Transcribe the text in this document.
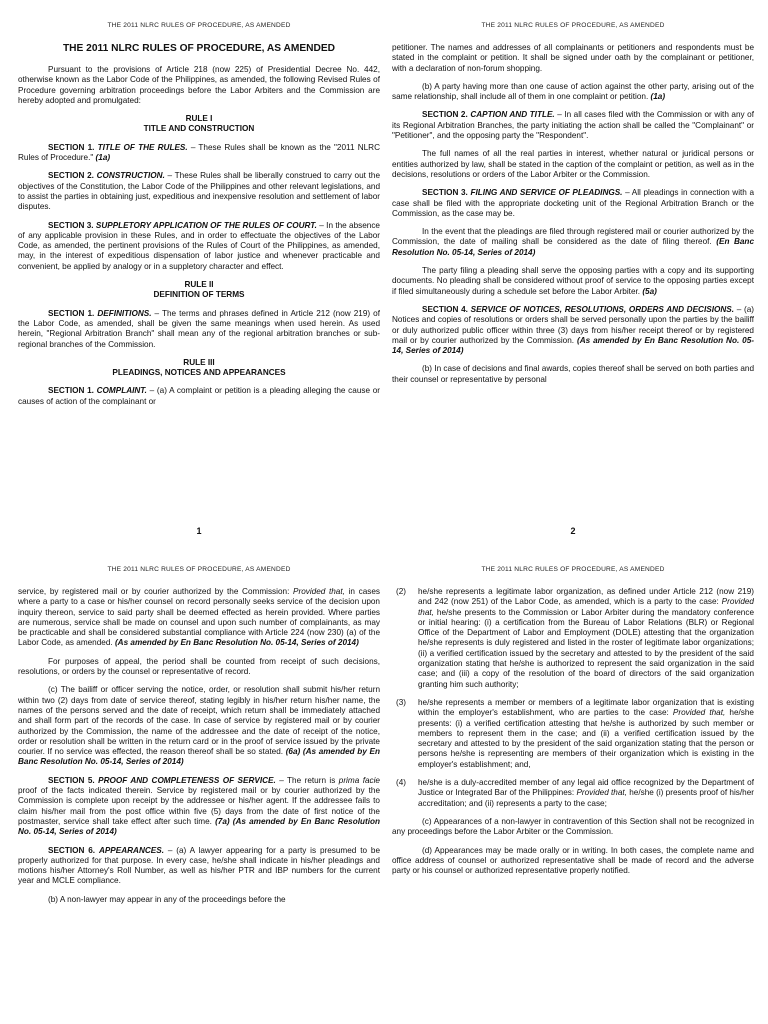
THE 2011 NLRC RULES OF PROCEDURE, AS AMENDED
THE 2011 NLRC RULES OF PROCEDURE, AS AMENDED

Pursuant to the provisions of Article 218 (now 225) of Presidential Decree No. 442, otherwise known as the Labor Code of the Philippines, as amended, the following Revised Rules of Procedure governing arbitration proceedings before the Labor Arbiters and the Commission are hereby adopted and promulgated:

RULE I
TITLE AND CONSTRUCTION

SECTION 1. TITLE OF THE RULES. – These Rules shall be known as the "2011 NLRC Rules of Procedure." (1a)

SECTION 2. CONSTRUCTION. – These Rules shall be liberally construed to carry out the objectives of the Constitution, the Labor Code of the Philippines and other relevant legislations, and to assist the parties in obtaining just, expeditious and inexpensive resolution and settlement of labor disputes.

SECTION 3. SUPPLETORY APPLICATION OF THE RULES OF COURT. – In the absence of any applicable provision in these Rules, and in order to effectuate the objectives of the Labor Code, as amended, the pertinent provisions of the Rules of Court of the Philippines, as amended, may, in the interest of expeditious dispensation of labor justice and whenever practicable and convenient, be applied by analogy or in a suppletory character and effect.

RULE II
DEFINITION OF TERMS

SECTION 1. DEFINITIONS. – The terms and phrases defined in Article 212 (now 219) of the Labor Code, as amended, shall be given the same meanings when used herein. As used herein, "Regional Arbitration Branch" shall mean any of the regional arbitration branches or sub-regional branches of the Commission.

RULE III
PLEADINGS, NOTICES AND APPEARANCES

SECTION 1. COMPLAINT. – (a) A complaint or petition is a pleading alleging the cause or causes of action of the complainant or

1
THE 2011 NLRC RULES OF PROCEDURE, AS AMENDED

petitioner. The names and addresses of all complainants or petitioners and respondents must be stated in the complaint or petition. It shall be signed under oath by the complainant or petitioner, with a declaration of non-forum shopping.

(b) A party having more than one cause of action against the other party, arising out of the same relationship, shall include all of them in one complaint or petition. (1a)

SECTION 2. CAPTION AND TITLE. – In all cases filed with the Commission or with any of its Regional Arbitration Branches, the party initiating the action shall be called the "Complainant" or "Petitioner", and the opposing party the "Respondent".

The full names of all the real parties in interest, whether natural or juridical persons or entities authorized by law, shall be stated in the caption of the complaint or petition, as well as in the decisions, resolutions or orders of the Labor Arbiter or the Commission.

SECTION 3. FILING AND SERVICE OF PLEADINGS. – All pleadings in connection with a case shall be filed with the appropriate docketing unit of the Regional Arbitration Branch or the Commission, as the case may be.

In the event that the pleadings are filed through registered mail or courier authorized by the Commission, the date of mailing shall be considered as the date of filing thereof. (En Banc Resolution No. 05-14, Series of 2014)

The party filing a pleading shall serve the opposing parties with a copy and its supporting documents. No pleading shall be considered without proof of service to the opposing parties except if filed simultaneously during a schedule set before the Labor Arbiter. (5a)

SECTION 4. SERVICE OF NOTICES, RESOLUTIONS, ORDERS AND DECISIONS. – (a) Notices and copies of resolutions or orders shall be served personally upon the parties by the bailiff or duly authorized public officer within three (3) days from his/her receipt thereof or by registered mail or by courier authorized by the Commission. (As amended by En Banc Resolution No. 05-14, Series of 2014)

(b) In case of decisions and final awards, copies thereof shall be served on both parties and their counsel or representative by personal

2
THE 2011 NLRC RULES OF PROCEDURE, AS AMENDED

service, by registered mail or by courier authorized by the Commission: Provided that, in cases where a party to a case or his/her counsel on record personally seeks service of the decision upon inquiry thereon, service to said party shall be deemed effected as herein provided. Where parties are numerous, service shall be made on counsel and upon such number of complainants, as may be practicable and shall be considered substantial compliance with Article 224 (now 230) (a) of the Labor Code, as amended. (As amended by En Banc Resolution No. 05-14, Series of 2014)

For purposes of appeal, the period shall be counted from receipt of such decisions, resolutions, or orders by the counsel or representative of record.

(c) The bailiff or officer serving the notice, order, or resolution shall submit his/her return within two (2) days from date of service thereof, stating legibly in his/her return his/her name, the names of the persons served and the date of receipt, which return shall be immediately attached and shall form part of the records of the case. In case of service by registered mail or by courier authorized by the Commission, the name of the addressee and the date of receipt of the notice, order or resolution shall be written in the return card or in the proof of service issued by the private courier. If no service was effected, the reason thereof shall be so stated. (6a) (As amended by En Banc Resolution No. 05-14, Series of 2014)

SECTION 5. PROOF AND COMPLETENESS OF SERVICE. – The return is prima facie proof of the facts indicated therein. Service by registered mail or by courier authorized by the Commission is complete upon receipt by the addressee or his/her agent. If the addressee fails to claim his/her mail from the post office within five (5) days from the date of first notice of the postmaster, service shall take effect after such time. (7a) (As amended by En Banc Resolution No. 05-14, Series of 2014)

SECTION 6. APPEARANCES. – (a) A lawyer appearing for a party is presumed to be properly authorized for that purpose. In every case, he/she shall indicate in his/her pleadings and motions his/her Attorney's Roll Number, as well as his/her PTR and IBP numbers for the current year and MCLE compliance.

(b) A non-lawyer may appear in any of the proceedings before the

THE 2011 NLRC RULES OF PROCEDURE, AS AMENDED
(2) he/she represents a legitimate labor organization, as defined under Article 212 (now 219) and 242 (now 251) of the Labor Code, as amended, which is a party to the case: Provided that, he/she presents to the Commission or Labor Arbiter during the mandatory conference or initial hearing: (i) a certification from the Bureau of Labor Relations (BLR) or Regional Office of the Department of Labor and Employment (DOLE) attesting that the organization he/she represents is duly registered and listed in the roster of legitimate labor organizations; (ii) a verified certification issued by the secretary and attested to by the president of the said organization stating that he/she is authorized to represent the said organization in the said case; and (iii) a copy of the resolution of the board of directors of the said organization granting him such authority;
(3) he/she represents a member or members of a legitimate labor organization that is existing within the employer's establishment, who are parties to the case: Provided that, he/she presents: (i) a verified certification attesting that he/she is authorized by such member or members to represent them in the case; and (ii) a verified certification issued by the secretary and attested to by the president of the said organization stating that the person or persons he/she is representing are members of their organization which is existing in the employer's establishment; and,
(4) he/she is a duly-accredited member of any legal aid office recognized by the Department of Justice or Integrated Bar of the Philippines: Provided that, he/she (i) presents proof of his/her accreditation; and (ii) represents a party to the case;

(c) Appearances of a non-lawyer in contravention of this Section shall not be recognized in any proceedings before the Labor Arbiter or the Commission.

(d) Appearances may be made orally or in writing. In both cases, the complete name and office address of counsel or authorized representative shall be made of record and the adverse party or his counsel or authorized representative properly notified.
